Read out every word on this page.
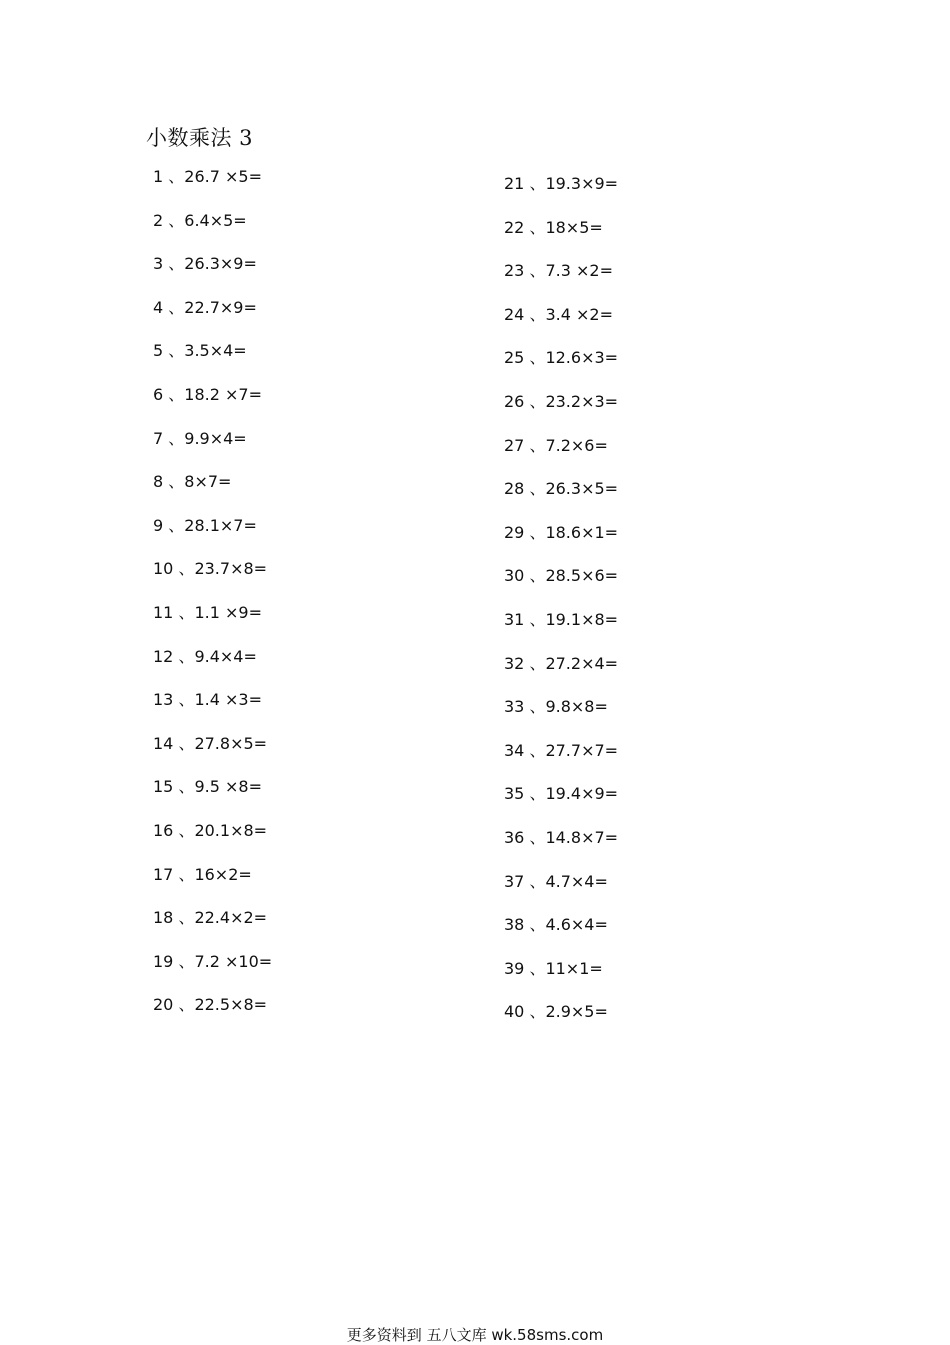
小数乘法 3
1 、26.7 ×5=
2 、6.4×5=
3 、26.3×9=
4 、22.7×9=
5 、3.5×4=
6 、18.2 ×7=
7 、9.9×4=
8 、8×7=
9 、28.1×7=
10 、23.7×8=
11 、1.1 ×9=
12 、9.4×4=
13 、1.4 ×3=
14 、27.8×5=
15 、9.5 ×8=
16 、20.1×8=
17 、16×2=
18 、22.4×2=
19 、7.2 ×10=
20 、22.5×8=
21 、19.3×9=
22 、18×5=
23 、7.3 ×2=
24 、3.4 ×2=
25 、12.6×3=
26 、23.2×3=
27 、7.2×6=
28 、26.3×5=
29 、18.6×1=
30 、28.5×6=
31 、19.1×8=
32 、27.2×4=
33 、9.8×8=
34 、27.7×7=
35 、19.4×9=
36 、14.8×7=
37 、4.7×4=
38 、4.6×4=
39 、11×1=
40 、2.9×5=
更多资料到 五八文库 wk.58sms.com
